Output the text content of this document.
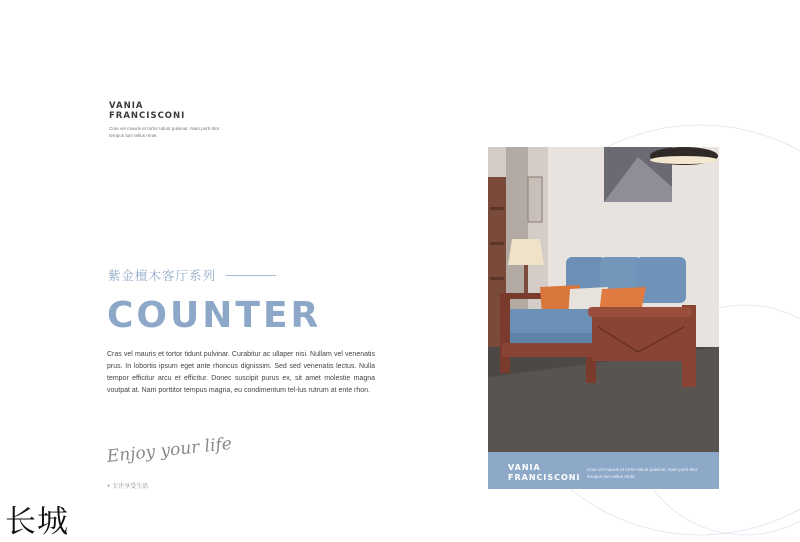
VANIA
FRANCISCONI
Cras vel mauris et tortor tidunt pulvinar. Nam porti-titor tempus tum tellus rsnte.
紫金檀木客厅系列
COUNTER
Cras vel mauris et tortor tidunt pulvinar. Curabitur ac ullaper nisi. Nullam vel venenatis prus. In lobortis ipsum eget ante rhoncus dignissim. Sed sed venenatis lectus. Nulla tempor efficitur arcu et efficitur. Donec suscipit purus ex, sit amet molestie magna voutpat at. Nam porttitor tempus magna, eu condimentum tel-lus rutrum at ente rhon.
Enjoy your life
+ 专注享受生活
长城
VANIA
FRANCISCONI
Cras vel mauris et tortor tidunt pulvinar. Nam porti-titor tempus tum tellus rsnte.
